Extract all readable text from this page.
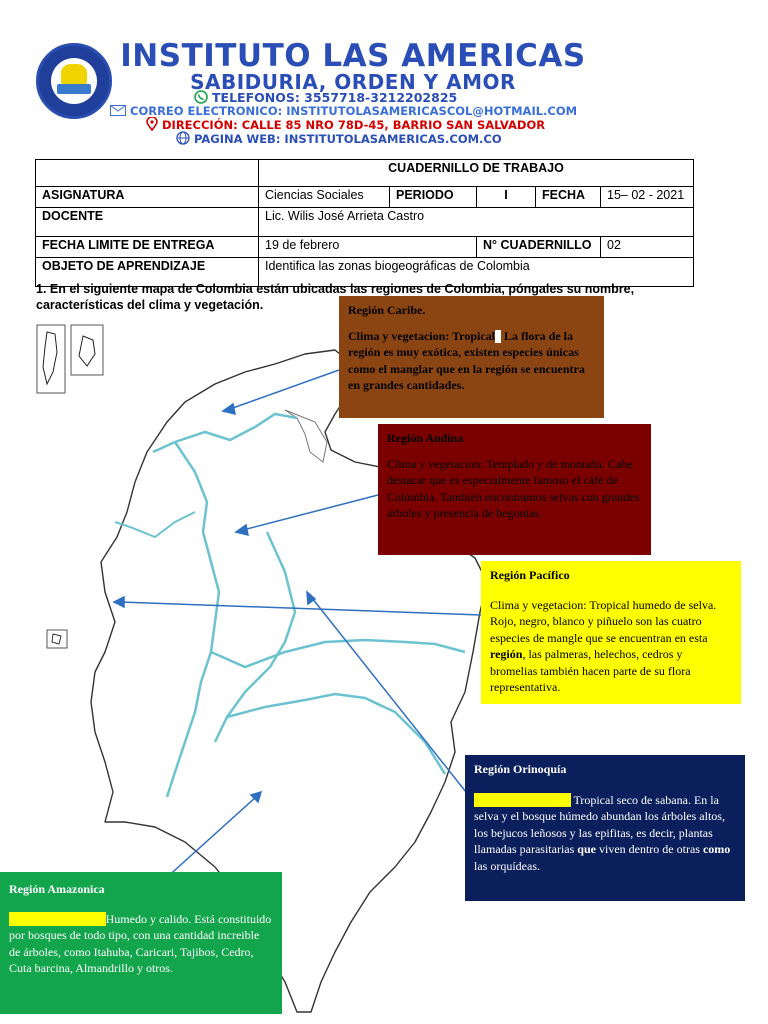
INSTITUTO LAS AMERICAS
SABIDURIA, ORDEN Y AMOR
TELEFONOS: 3557718-3212202825
CORREO ELECTRONICO: INSTITUTOLASAMERICASCOL@HOTMAIL.COM
DIRECCIÓN: CALLE 85 NRO 78D-45, BARRIO SAN SALVADOR
PAGINA WEB: INSTITUTOLASAMERICAS.COM.CO
	CUADERNILLO DE TRABAJO				
ASIGNATURA	Ciencias Sociales	PERIODO	I	FECHA	15– 02 - 2021
DOCENTE	Lic. Wilis José Arrieta Castro				
FECHA LIMITE DE ENTREGA	19 de febrero		N° CUADERNILLO		02
OBJETO DE APRENDIZAJE	Identifica las zonas biogeográficas de Colombia				
1. En el siguiente mapa de Colombia están ubicadas las regiones de Colombia, póngales su nombre, características del clima y vegetación.	Región Caribe.
Clima y vegetacion: Tropical La flora de la región es muy exótica, existen especies únicas como el manglar que en la región se encuentra en grandes cantidades.
Región Andina
Clima y vegetacion: Templado y de montaña. Cabe destacar que es especialmente famoso el café de Colombia. También encontramos selvas con grandes árboles y presencia de begonias.
Región Pacífico
Clima y vegetacion: Tropical humedo de selva. Rojo, negro, blanco y piñuelo son las cuatro especies de mangle que se encuentran en esta región, las palmeras, helechos, cedros y bromelias también hacen parte de su flora representativa.
Región Orinoquía
Clima y vegetacion: Tropical seco de sabana. En la selva y el bosque húmedo abundan los árboles altos, los bejucos leñosos y las epifitas, es decir, plantas llamadas parasitarias que viven dentro de otras como las orquídeas.
Región Amazonica
Clima y vegetacion:Humedo y calido. Está constituido por bosques de todo tipo, con una cantidad increible de árboles, como Itahuba, Caricari, Tajibos, Cedro, Cuta barcina, Almandrillo y otros.
